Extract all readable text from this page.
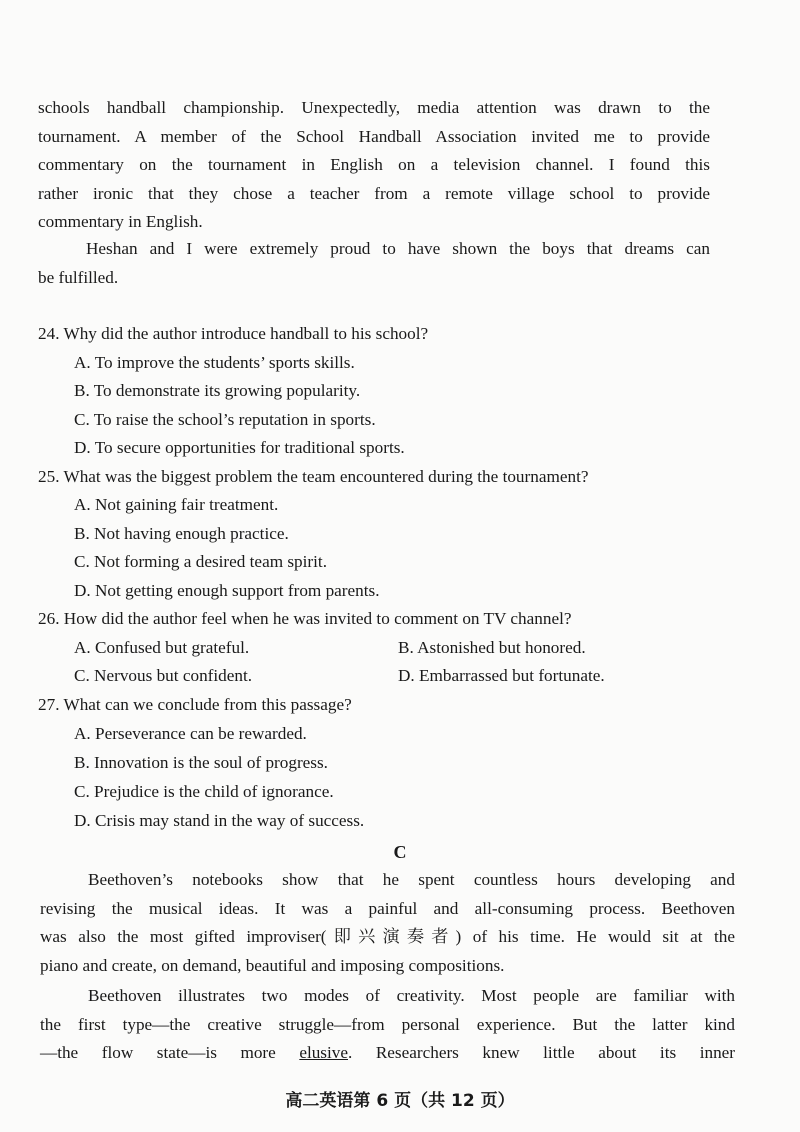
schools handball championship. Unexpectedly, media attention was drawn to the
tournament. A member of the School Handball Association invited me to provide
commentary on the tournament in English on a television channel. I found this
rather ironic that they chose a teacher from a remote village school to provide
commentary in English.
Heshan and I were extremely proud to have shown the boys that dreams can
be fulfilled.
24. Why did the author introduce handball to his school?
A. To improve the students’ sports skills.
B. To demonstrate its growing popularity.
C. To raise the school’s reputation in sports.
D. To secure opportunities for traditional sports.
25. What was the biggest problem the team encountered during the tournament?
A. Not gaining fair treatment.
B. Not having enough practice.
C. Not forming a desired team spirit.
D. Not getting enough support from parents.
26. How did the author feel when he was invited to comment on TV channel?
A. Confused but grateful.	B. Astonished but honored.
C. Nervous but confident.	D. Embarrassed but fortunate.
27. What can we conclude from this passage?
A. Perseverance can be rewarded.
B. Innovation is the soul of progress.
C. Prejudice is the child of ignorance.
D. Crisis may stand in the way of success.
C
Beethoven’s notebooks show that he spent countless hours developing and
revising the musical ideas. It was a painful and all-consuming process. Beethoven
was also the most gifted improviser(即兴演奏者) of his time. He would sit at the
piano and create, on demand, beautiful and imposing compositions.
Beethoven illustrates two modes of creativity. Most people are familiar with
the first type—the creative struggle—from personal experience. But the latter kind
—the flow state—is more elusive. Researchers knew little about its inner
高二英语第 6 页（共 12 页）
